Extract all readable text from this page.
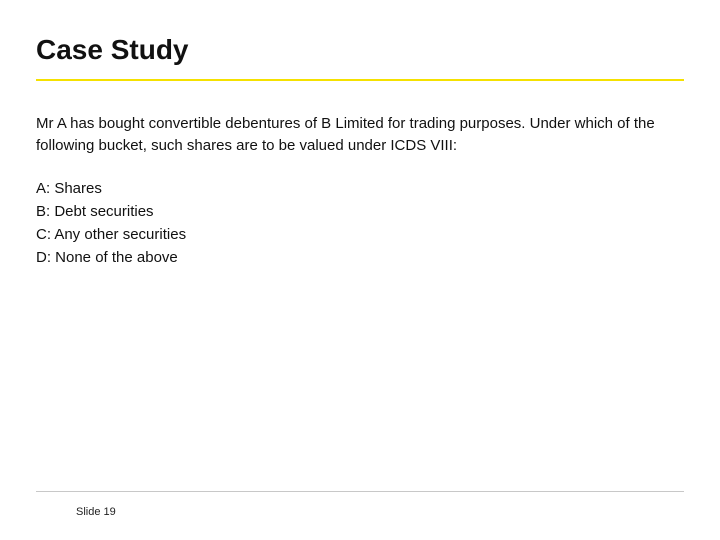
Case Study
Mr A has bought convertible debentures of B Limited for trading purposes. Under which of the following bucket, such shares are to be valued under ICDS VIII:
A: Shares
B: Debt securities
C: Any other securities
D: None of the above
Slide 19
